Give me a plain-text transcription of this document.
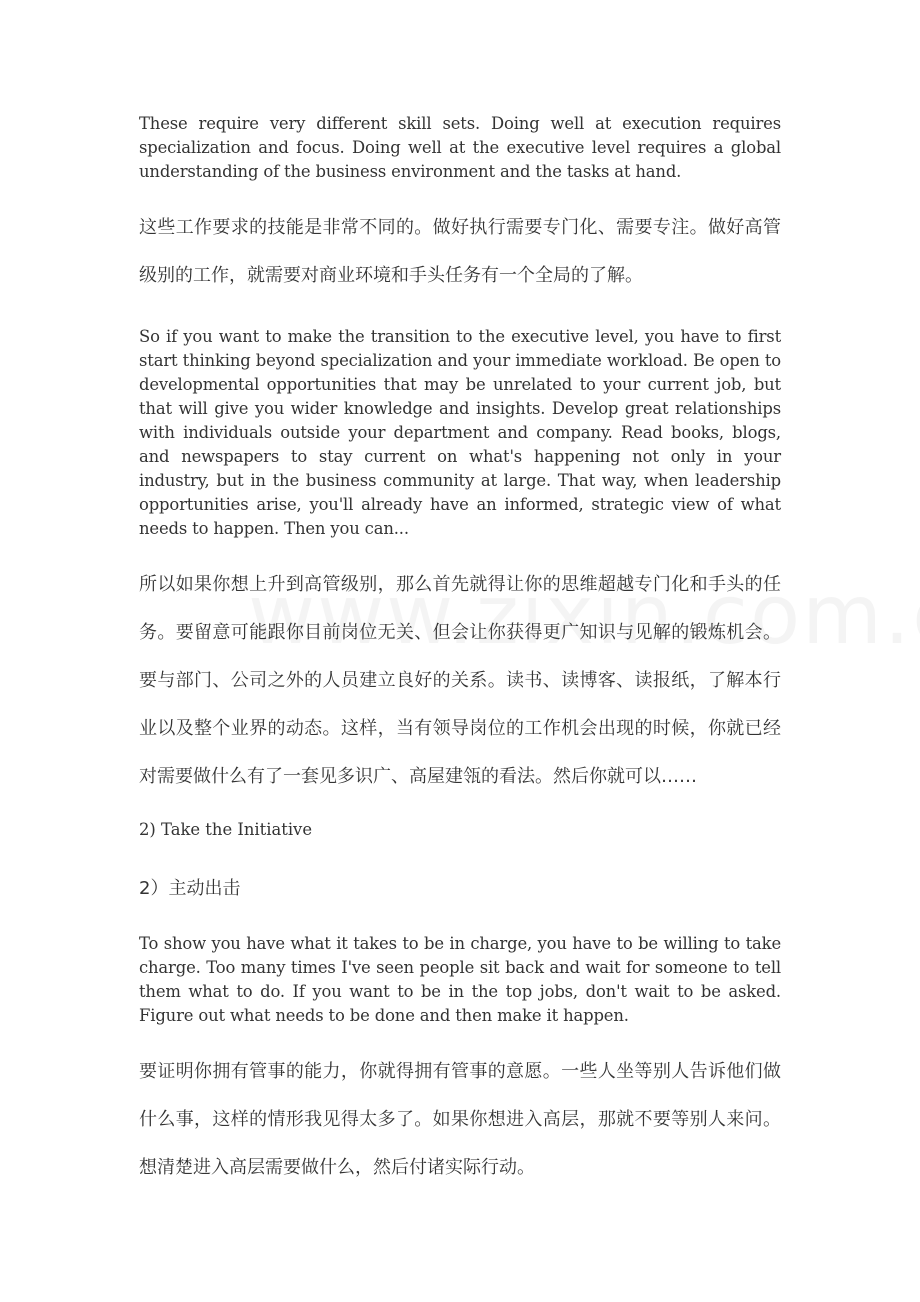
These require very different skill sets. Doing well at execution requires specialization and focus. Doing well at the executive level requires a global understanding of the business environment and the tasks at hand.

这些工作要求的技能是非常不同的。做好执行需要专门化、需要专注。做好高管级别的工作，就需要对商业环境和手头任务有一个全局的了解。

So if you want to make the transition to the executive level, you have to first start thinking beyond specialization and your immediate workload. Be open to developmental opportunities that may be unrelated to your current job, but that will give you wider knowledge and insights. Develop great relationships with individuals outside your department and company. Read books, blogs, and newspapers to stay current on what's happening not only in your industry, but in the business community at large. That way, when leadership opportunities arise, you'll already have an informed, strategic view of what needs to happen. Then you can...

所以如果你想上升到高管级别，那么首先就得让你的思维超越专门化和手头的任务。要留意可能跟你目前岗位无关、但会让你获得更广知识与见解的锻炼机会。要与部门、公司之外的人员建立良好的关系。读书、读博客、读报纸，了解本行业以及整个业界的动态。这样，当有领导岗位的工作机会出现的时候，你就已经对需要做什么有了一套见多识广、高屋建瓴的看法。然后你就可以……

2) Take the Initiative

2）主动出击

To show you have what it takes to be in charge, you have to be willing to take charge. Too many times I've seen people sit back and wait for someone to tell them what to do. If you want to be in the top jobs, don't wait to be asked. Figure out what needs to be done and then make it happen.

要证明你拥有管事的能力，你就得拥有管事的意愿。一些人坐等别人告诉他们做什么事，这样的情形我见得太多了。如果你想进入高层，那就不要等别人来问。想清楚进入高层需要做什么，然后付诸实际行动。
